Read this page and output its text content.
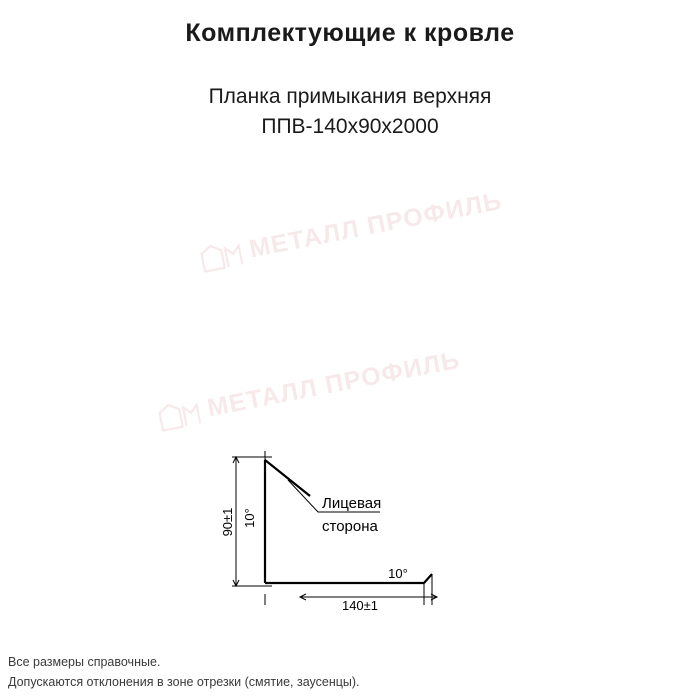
Комплектующие к кровле
Планка примыкания верхняя
ППВ-140х90х2000
МЕТАЛЛ ПРОФИЛЬ
МЕТАЛЛ ПРОФИЛЬ
90±1 10°
10°
140±1
Лицевая
сторона
Все размеры справочные.
Допускаются отклонения в зоне отрезки (смятие, заусенцы).
